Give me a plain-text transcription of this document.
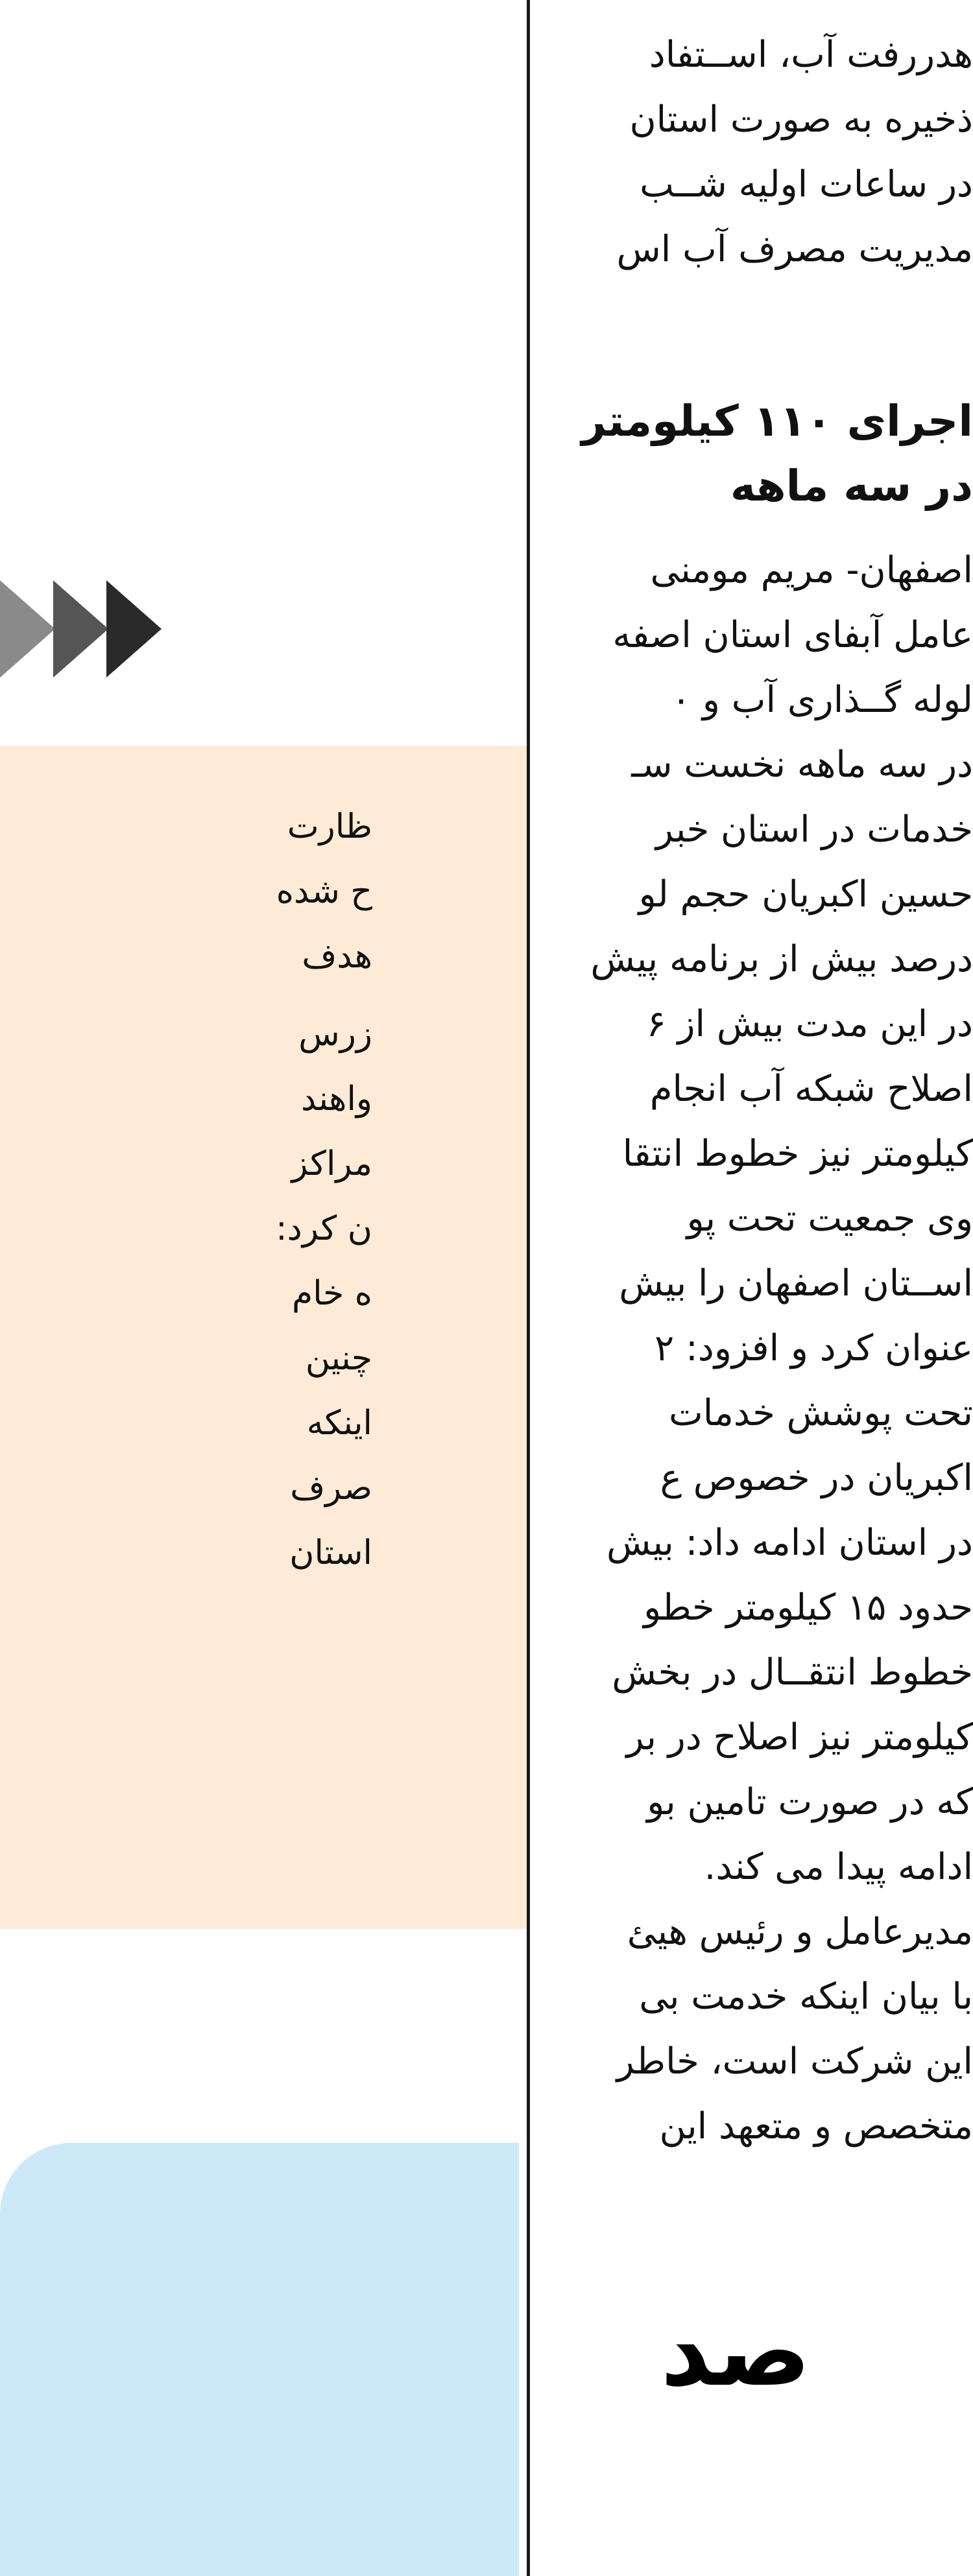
ظارت
ح شده
هدف
زرس
واهند
مراکز
ن کرد:
ه خام
چنین
اینکه
صرف
استان
صد
هدررفت آب، اســتفاد
ذخیره به صورت استان
در ساعات اولیه شــب
مدیریت مصرف آب اس
اجرای ۱۱۰ کیلومتر
در سه ماهه
اصفهان- مریم مومنی
عامل آبفای استان اصفه
لوله گــذاری آب و ۰
در سه ماهه نخست سـ
خدمات در استان خبر
حسین اکبریان حجم لو
درصد بیش از برنامه پیش
در این مدت بیش از ۶
اصلاح شبکه آب انجام
کیلومتر نیز خطوط انتقا
وی جمعیت تحت پو
اســتان اصفهان را بیش
عنوان کرد و افزود: ۲
تحت پوشش خدمات
اکبریان در خصوص ع
در استان ادامه داد: بیش
حدود ۱۵ کیلومتر خطو
خطوط انتقــال در بخش
کیلومتر نیز اصلاح در بر
که در صورت تامین بو
ادامه پیدا می کند.
مدیرعامل و رئیس هیئ
با بیان اینکه خدمت بی
این شرکت است، خاطر
متخصص و متعهد این
